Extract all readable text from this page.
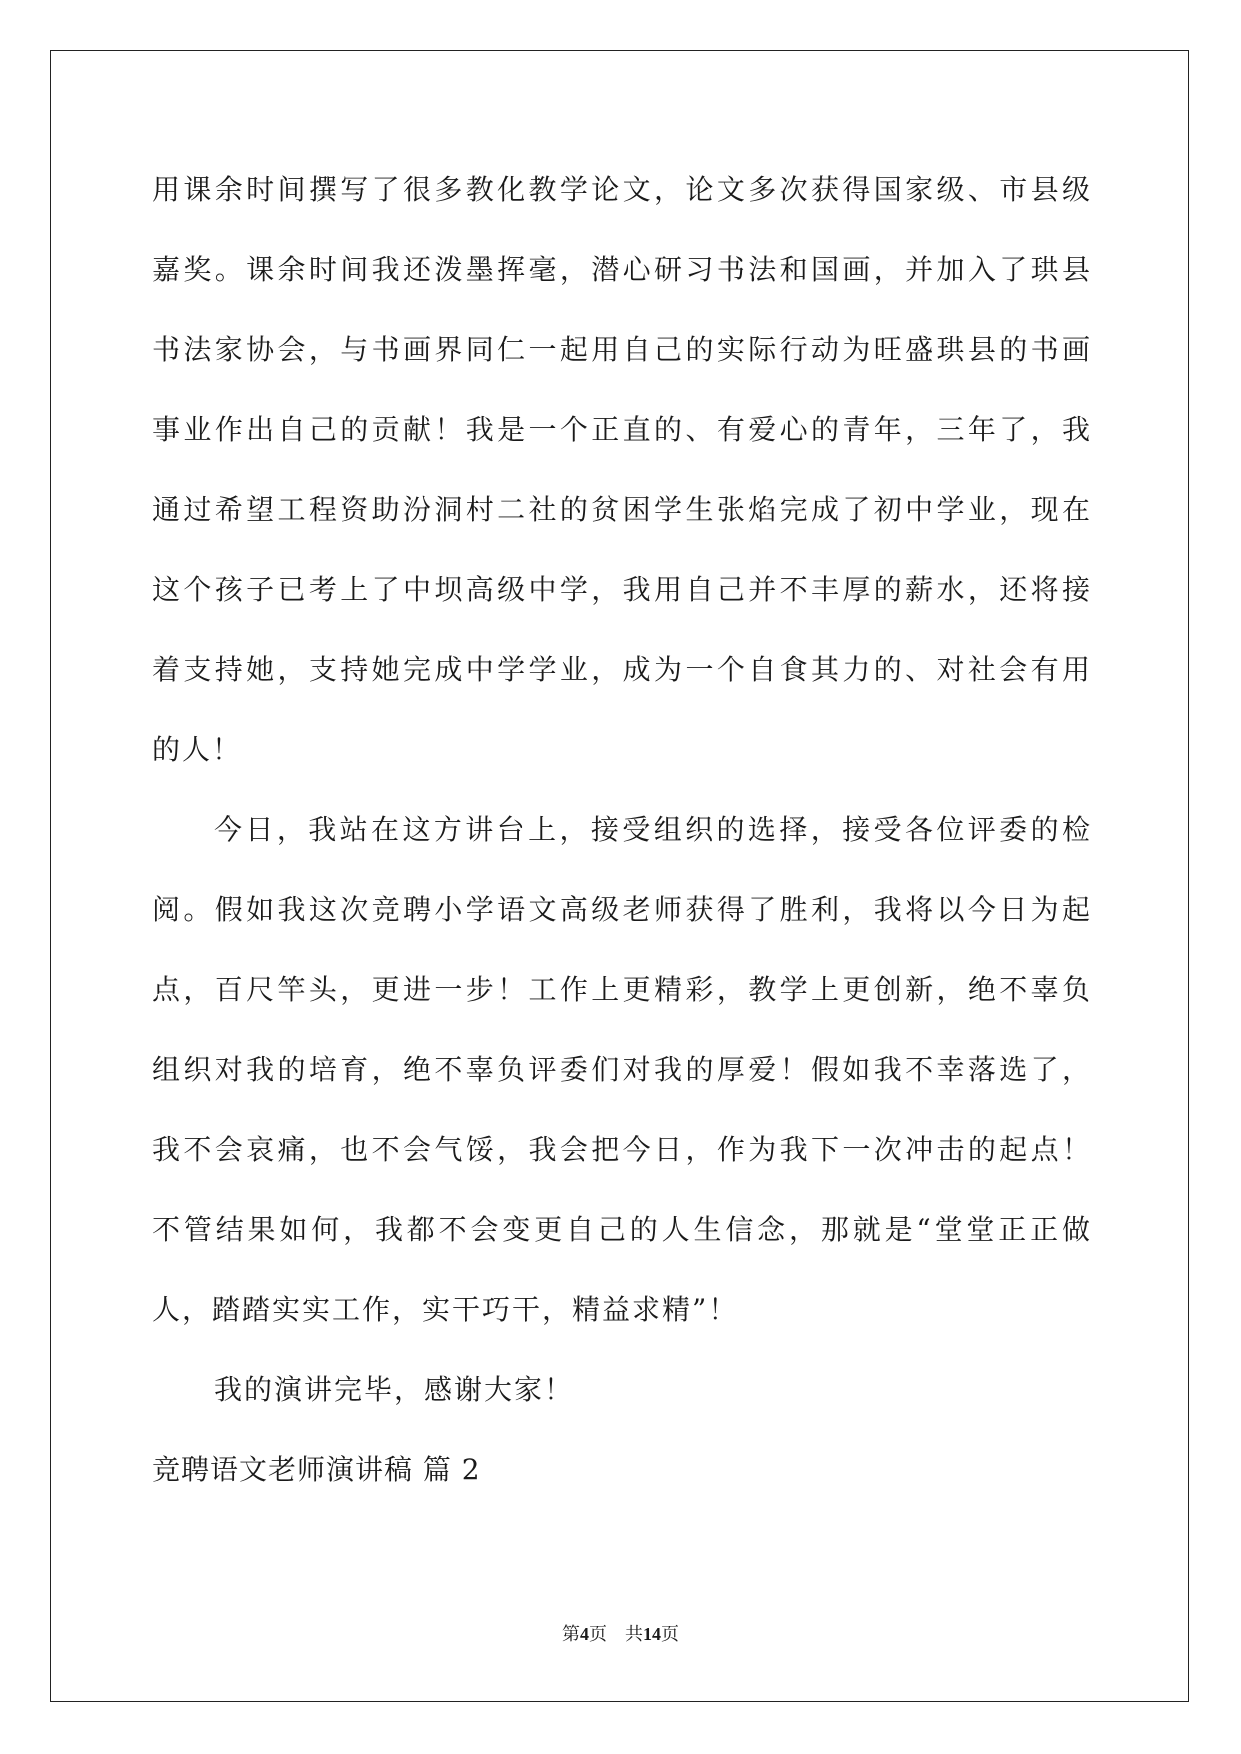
用课余时间撰写了很多教化教学论文，论文多次获得国家级、市县级
嘉奖。课余时间我还泼墨挥毫，潜心研习书法和国画，并加入了珙县
书法家协会，与书画界同仁一起用自己的实际行动为旺盛珙县的书画
事业作出自己的贡献！我是一个正直的、有爱心的青年，三年了，我
通过希望工程资助汾洞村二社的贫困学生张焰完成了初中学业，现在
这个孩子已考上了中坝高级中学，我用自己并不丰厚的薪水，还将接
着支持她，支持她完成中学学业，成为一个自食其力的、对社会有用
的人！
今日，我站在这方讲台上，接受组织的选择，接受各位评委的检
阅。假如我这次竞聘小学语文高级老师获得了胜利，我将以今日为起
点，百尺竿头，更进一步！工作上更精彩，教学上更创新，绝不辜负
组织对我的培育，绝不辜负评委们对我的厚爱！假如我不幸落选了，
我不会哀痛，也不会气馁，我会把今日，作为我下一次冲击的起点！
不管结果如何，我都不会变更自己的人生信念，那就是“堂堂正正做
人，踏踏实实工作，实干巧干，精益求精”！
我的演讲完毕，感谢大家！
竞聘语文老师演讲稿 篇 2
第4页 共14页
